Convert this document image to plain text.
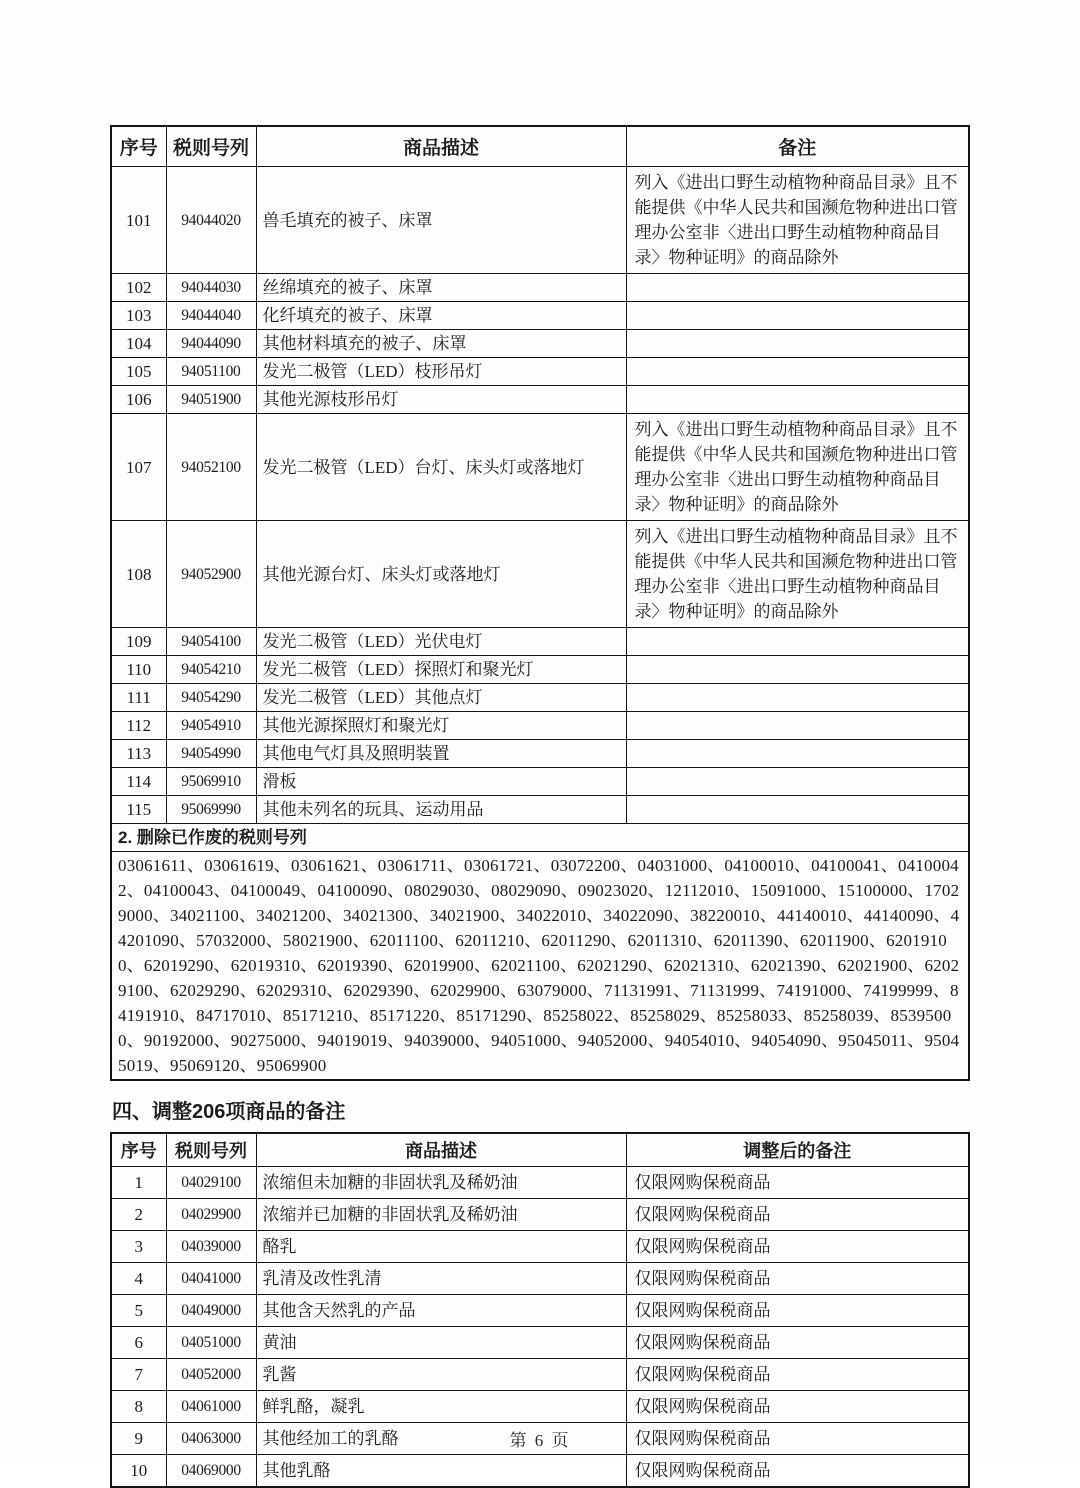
序号	税则号列	商品描述	备注
101	94044020	兽毛填充的被子、床罩	列入《进出口野生动植物种商品目录》且不能提供《中华人民共和国濒危物种进出口管理办公室非〈进出口野生动植物种商品目录〉物种证明》的商品除外
102	94044030	丝绵填充的被子、床罩	
103	94044040	化纤填充的被子、床罩	
104	94044090	其他材料填充的被子、床罩	
105	94051100	发光二极管（LED）枝形吊灯	
106	94051900	其他光源枝形吊灯	
107	94052100	发光二极管（LED）台灯、床头灯或落地灯	列入《进出口野生动植物种商品目录》且不能提供《中华人民共和国濒危物种进出口管理办公室非〈进出口野生动植物种商品目录〉物种证明》的商品除外
108	94052900	其他光源台灯、床头灯或落地灯	列入《进出口野生动植物种商品目录》且不能提供《中华人民共和国濒危物种进出口管理办公室非〈进出口野生动植物种商品目录〉物种证明》的商品除外
109	94054100	发光二极管（LED）光伏电灯	
110	94054210	发光二极管（LED）探照灯和聚光灯	
111	94054290	发光二极管（LED）其他点灯	
112	94054910	其他光源探照灯和聚光灯	
113	94054990	其他电气灯具及照明装置	
114	95069910	滑板	
115	95069990	其他未列名的玩具、运动用品	
2. 删除已作废的税则号列			
03061611、03061619、03061621、03061711、03061721、03072200、04031000、04100010、04100041、04100042、04100043、04100049、04100090、08029030、08029090、09023020、12112010、15091000、15100000、17029000、34021100、34021200、34021300、34021900、34022010、34022090、38220010、44140010、44140090、44201090、57032000、58021900、62011100、62011210、62011290、62011310、62011390、62011900、62019100、62019290、62019310、62019390、62019900、62021100、62021290、62021310、62021390、62021900、62029100、62029290、62029310、62029390、62029900、63079000、71131991、71131999、74191000、74199999、84191910、84717010、85171210、85171220、85171290、85258022、85258029、85258033、85258039、85395000、90192000、90275000、94019019、94039000、94051000、94052000、94054010、94054090、95045011、95045019、95069120、95069900			
四、调整206项商品的备注
序号	税则号列	商品描述	调整后的备注
1	04029100	浓缩但未加糖的非固状乳及稀奶油	仅限网购保税商品
2	04029900	浓缩并已加糖的非固状乳及稀奶油	仅限网购保税商品
3	04039000	酪乳	仅限网购保税商品
4	04041000	乳清及改性乳清	仅限网购保税商品
5	04049000	其他含天然乳的产品	仅限网购保税商品
6	04051000	黄油	仅限网购保税商品
7	04052000	乳酱	仅限网购保税商品
8	04061000	鲜乳酪，凝乳	仅限网购保税商品
9	04063000	其他经加工的乳酪	仅限网购保税商品
10	04069000	其他乳酪	仅限网购保税商品
第 6 页
